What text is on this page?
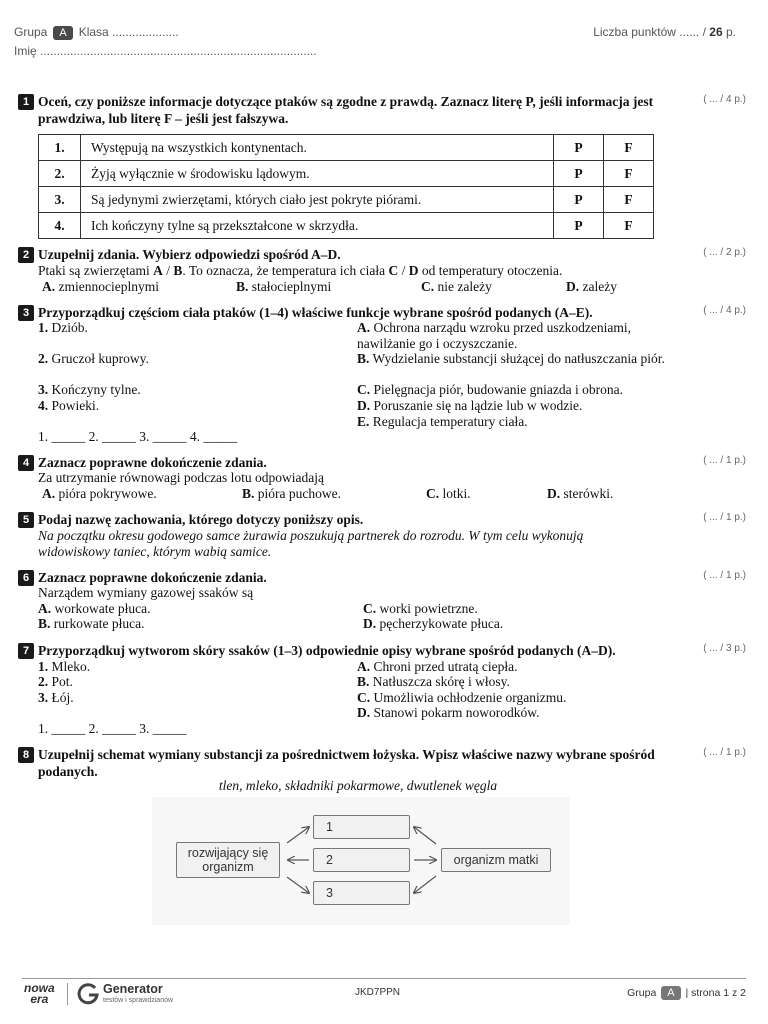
Grupa A Klasa ....................
Imię ...................................................................................
Liczba punktów ...... / 26 p.
1 Oceń, czy poniższe informacje dotyczące ptaków są zgodne z prawdą. Zaznacz literę P, jeśli informacja jest prawdziwa, lub literę F – jeśli jest fałszywa.
( ... / 4 p.)
1.	Występują na wszystkich kontynentach.	P	F
2.	Żyją wyłącznie w środowisku lądowym.	P	F
3.	Są jedynymi zwierzętami, których ciało jest pokryte piórami.	P	F
4.	Ich kończyny tylne są przekształcone w skrzydła.	P	F
2 Uzupełnij zdania. Wybierz odpowiedzi spośród A–D.	( ... / 2 p.)
Ptaki są zwierzętami A / B. To oznacza, że temperatura ich ciała C / D od temperatury otoczenia.
A. zmiennocieplnymi	B. stałocieplnymi	C. nie zależy	D. zależy
3 Przyporządkuj częściom ciała ptaków (1–4) właściwe funkcje wybrane spośród podanych (A–E).	( ... / 4 p.)
1. Dziób.
2. Gruczoł kuprowy.
3. Kończyny tylne.
4. Powieki.
A. Ochrona narządu wzroku przed uszkodzeniami, nawilżanie go i oczyszczanie.
B. Wydzielanie substancji służącej do natłuszczania piór.
C. Pielęgnacja piór, budowanie gniazda i obrona.
D. Poruszanie się na lądzie lub w wodzie.
E. Regulacja temperatury ciała.
1. _____ 2. _____ 3. _____ 4. _____
4 Zaznacz poprawne dokończenie zdania.	( ... / 1 p.)
Za utrzymanie równowagi podczas lotu odpowiadają
A. pióra pokrywowe.	B. pióra puchowe.	C. lotki.	D. sterówki.
5 Podaj nazwę zachowania, którego dotyczy poniższy opis.	( ... / 1 p.)
Na początku okresu godowego samce żurawia poszukują partnerek do rozrodu. W tym celu wykonują
widowiskowy taniec, którym wabią samice.
6 Zaznacz poprawne dokończenie zdania.	( ... / 1 p.)
Narządem wymiany gazowej ssaków są
A. workowate płuca.
B. rurkowate płuca.
C. worki powietrzne.
D. pęcherzykowate płuca.
7 Przyporządkuj wytworom skóry ssaków (1–3) odpowiednie opisy wybrane spośród podanych (A–D).	( ... / 3 p.)
1. Mleko.
2. Pot.
3. Łój.
A. Chroni przed utratą ciepła.
B. Natłuszcza skórę i włosy.
C. Umożliwia ochłodzenie organizmu.
D. Stanowi pokarm noworodków.
1. _____ 2. _____ 3. _____
8 Uzupełnij schemat wymiany substancji za pośrednictwem łożyska. Wpisz właściwe nazwy wybrane spośród podanych.
( ... / 1 p.)
tlen, mleko, składniki pokarmowe, dwutlenek węgla
rozwijający się organizm	organizm matki
1
2
3
nowa
era
Generator
testów i sprawdzianów
JKD7PPN	Grupa A | strona 1 z 2
